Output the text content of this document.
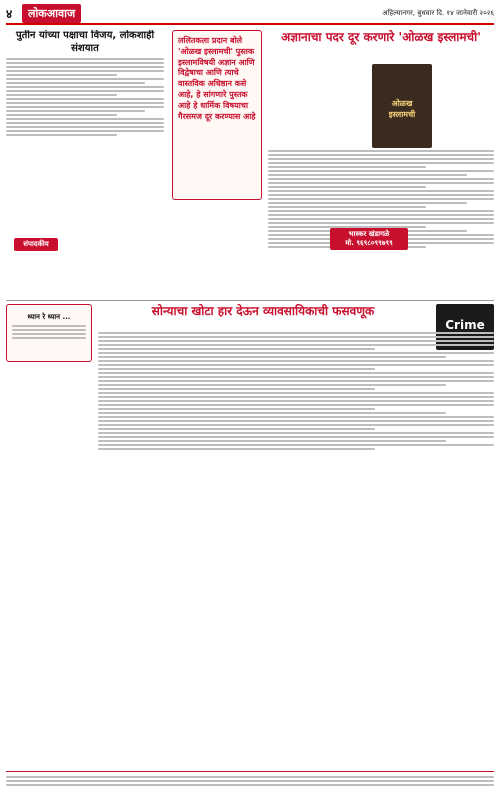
४	लोकआवाज	अहिल्यानगर, बुधवार दि. १४ जानेवारी २०२६
पुतीन यांच्या पक्षाचा विजय, लोकशाही संशयात
संपादकीय
ललितकला प्रदान बोले 'ओळख इस्लामची' पुस्तक इस्लामविषयी अज्ञान आणि विद्वेषाचा आणि त्याचे वास्तविक अधिष्ठान कसे आहे, हे सांगणारे पुस्तक आहे हे धार्मिक विषयाचा गैरसमज दूर करण्यास आहे
अज्ञानाचा पदर दूर करणारे 'ओळख इस्लामची'
ओळख इस्लामची
भास्कर खंडागळे
मो. ९६९८०९९७९९
सोन्याचा खोटा हार देऊन व्यावसायिकाची फसवणूक
Crime
ध्यान रे ध्यान ...
